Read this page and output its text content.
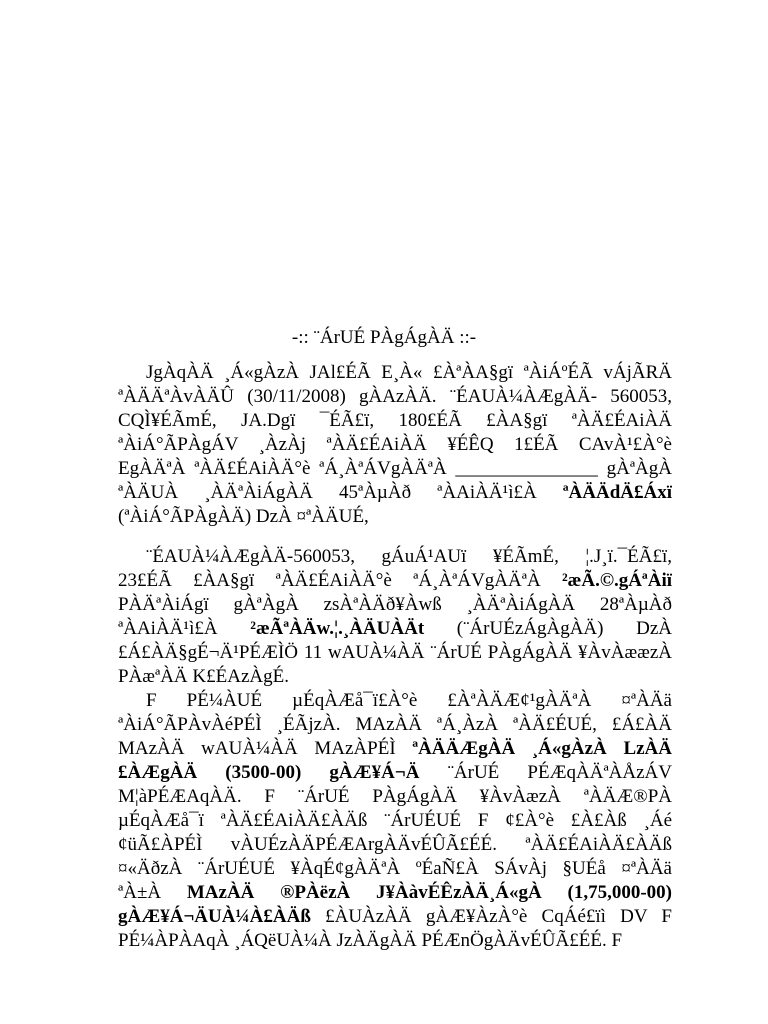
-:: ¨ÁrUÉ PÀgÁgÀÄ ::-
JgÀqÀÄ ¸Á«gÀzÀ JAl£ÉÃ E¸À« £ÀªÀA§gï ªÀiÁºÉÃ vÁjÃRÄ
ªÀÄÄªÀvÀÄÛ (30/11/2008) gÀAzÀÄ. ¨ÉAUÀ¼ÀÆgÀÄ- 560053,
CQÌ¥ÉÃmÉ, JA.Dgï ¯ÉÃ£ï, 180£ÉÃ £ÀA§gï ªÀÄ£ÉAiÀÄ
ªÀiÁ°ÃPÀgÁV ¸ÀzÀj ªÀÄ£ÉAiÀÄ ¥ÉÊQ 1£ÉÃ CAvÀ¹£À°è
EgÀÄªÀ ªÀÄ£ÉAiÀÄ°è ªÁ¸ÀªÁVgÀÄªÀ _______________ gÀªÀgÀ
ªÀÄUÀ ¸ÀÄªÀiÁgÀÄ 45ªÀµÀð ªÀAiÀÄ¹ì£À ªÀÄÄdÄ£Áxï
(ªÀiÁ°ÃPÀgÀÄ) DzÀ ¤ªÀÄUÉ,
¨ÉAUÀ¼ÀÆgÀÄ-560053, gÁuÁ¹AUï ¥ÉÃmÉ, ¦.J¸ï.¯ÉÃ£ï,
23£ÉÃ £ÀA§gï ªÀÄ£ÉAiÀÄ°è ªÁ¸ÀªÁVgÀÄªÀ ²æÃ.©.gÁªÀiï
PÀÄªÀiÁgï gÀªÀgÀ zsÀªÀÄð¥Àwß ¸ÀÄªÀiÁgÀÄ 28ªÀµÀð
ªÀAiÀÄ¹ì£À ²æÃªÀÄw.¦.¸ÀÄUÀÄt (¨ÁrUÉzÁgÀgÀÄ) DzÀ
£Á£ÀÄ§gÉ¬Ä¹PÉÆÌÖ 11 wAUÀ¼ÀÄ ¨ÁrUÉ PÀgÁgÀÄ ¥ÀvÀææzÀ
PÀæªÀÄ K£ÉAzÀgÉ.
F PÉ¼ÀUÉ µÉqÀÆå¯ï£À°è £ÀªÀÄÆ¢¹gÀÄªÀ ¤ªÀÄä
ªÀiÁ°ÃPÀvÀéPÉÌ ¸ÉÃjzÀ. MAzÀÄ ªÁ¸ÀzÀ ªÀÄ£ÉUÉ, £Á£ÀÄ
MAzÀÄ wAUÀ¼ÀÄ MAzÀPÉÌ ªÀÄÄÆgÀÄ ¸Á«gÀzÀ LzÀÄ
£ÀÆgÀÄ (3500-00) gÀÆ¥Á¬Ä ¨ÁrUÉ PÉÆqÀÄªÀÅzÁV
M¦àPÉÆAqÀÄ. F ¨ÁrUÉ PÀgÁgÀÄ ¥ÀvÀæzÀ ªÀÄÆ®PÀ
µÉqÀÆå¯ï ªÀÄ£ÉAiÀÄ£ÀÄß ¨ÁrUÉUÉ F ¢£À°è £À£Àß ¸Áé
¢üÃ£ÀPÉÌ vÀUÉzÀÄPÉÆArgÀÄvÉÛÃ£ÉÉ. ªÀÄ£ÉAiÀÄ£ÀÄß
¤«ÄðzÀ ¨ÁrUÉUÉ ¥ÀqÉ¢gÀÄªÀ ºÉaÑ£À SÁvÀj §UÉå ¤ªÀÄä
ªÀ±À MAzÀÄ ®PÀëzÀ J¥ÀàvÉÊzÀÄ¸Á«gÀ (1,75,000-00)
gÀÆ¥Á¬ÄUÀ¼À£ÀÄß £ÀUÀzÀÄ gÀÆ¥ÀzÀ°è CqÁé£ïì DV F
PÉ¼ÀPÀAqÀ ¸ÁQëUÀ¼À JzÀÄgÀÄ PÉÆnÖgÀÄvÉÛÃ£ÉÉ. F
